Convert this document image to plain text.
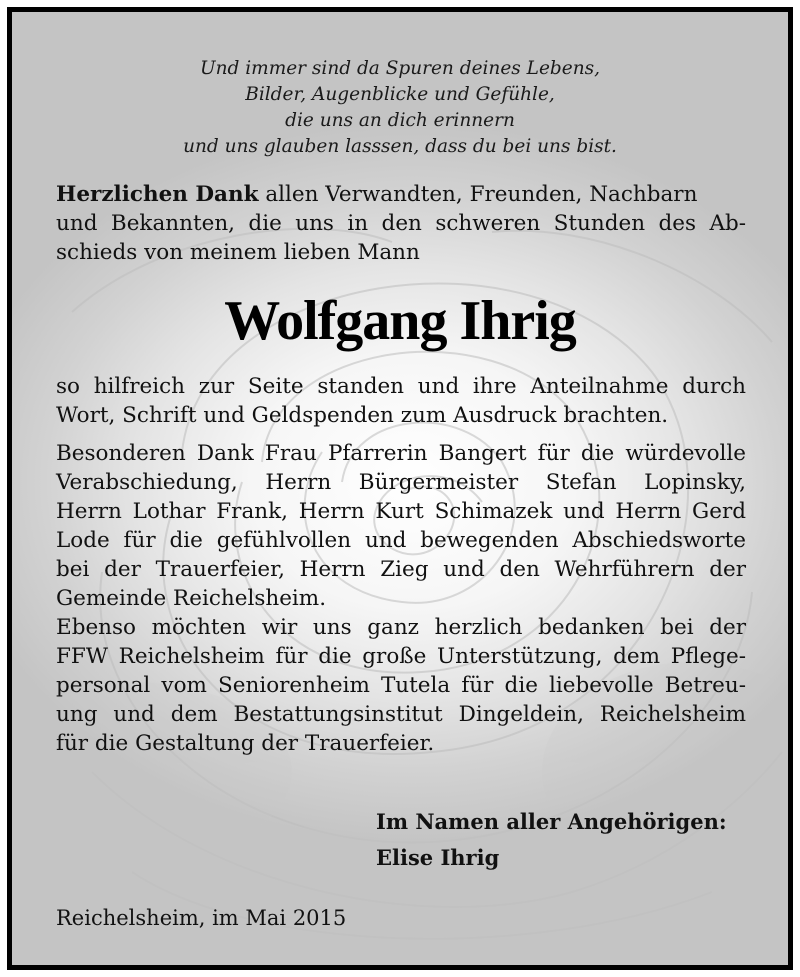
Und immer sind da Spuren deines Lebens,
Bilder, Augenblicke und Gefühle,
die uns an dich erinnern
und uns glauben lasssen, dass du bei uns bist.
Herzlichen Dank allen Verwandten, Freunden, Nachbarn
und Bekannten, die uns in den schweren Stunden des Ab-
schieds von meinem lieben Mann
Wolfgang Ihrig
so hilfreich zur Seite standen und ihre Anteilnahme durch
Wort, Schrift und Geldspenden zum Ausdruck brachten.
Besonderen Dank Frau Pfarrerin Bangert für die würdevolle
Verabschiedung, Herrn Bürgermeister Stefan Lopinsky,
Herrn Lothar Frank, Herrn Kurt Schimazek und Herrn Gerd
Lode für die gefühlvollen und bewegenden Abschiedsworte
bei der Trauerfeier, Herrn Zieg und den Wehrführern der
Gemeinde Reichelsheim.
Ebenso möchten wir uns ganz herzlich bedanken bei der
FFW Reichelsheim für die große Unterstützung, dem Pflege-
personal vom Seniorenheim Tutela für die liebevolle Betreu-
ung und dem Bestattungsinstitut Dingeldein, Reichelsheim
für die Gestaltung der Trauerfeier.
Im Namen aller Angehörigen:
Elise Ihrig
Reichelsheim, im Mai 2015
